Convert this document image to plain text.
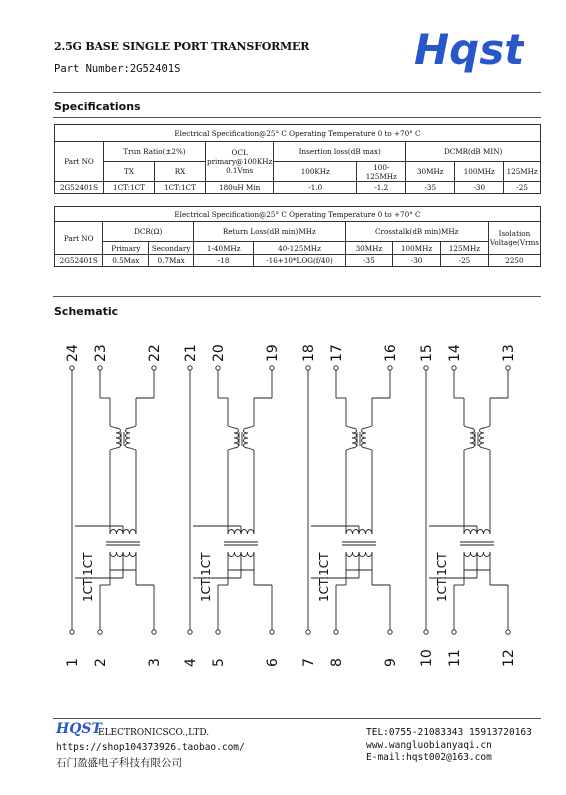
2.5G BASE SINGLE PORT TRANSFORMER
Part Number:2G52401S	Hqst
Specifications
Electrical Specification@25° C Operating Temperature 0 to +70° C								
Part NO	Trun Ratio(±2%)		OCL primary@100KHz 0.1Vms	Insertion loss(dB max)		DCMR(dB MIN)		
	TX	RX		100KHz	100-125MHz	30MHz	100MHz	125MHz
2G52401S	1CT:1CT	1CT:1CT	180uH Min	-1.0	-1.2	-35	-30	-25
Electrical Specification@25° C Operating Temperature 0 to +70° C								
Part NO	DCR(Ω)		Return Loss(dB min)MHz		Crosstalk(dB min)MHz			Isolation Voltage(Vrms
	Primary	Secondary	1-40MHz	40-125MHz	30MHz	100MHz	125MHz	
2G52401S	0.5Max	0.7Max	-18	-16+10*LOG(f/40)	-35	-30	-25	2250
Schematic
24 23	22
1 2	3
1CT:1CT
21 20	19
4 5	6
1CT:1CT
18 17	16
7 8	9
1CT:1CT
15 14	13
10 11	12
1CT:1CT
HQST
ELECTRONICSCO.,LTD.
https://shop104373926.taobao.com/
石门盈盛电子科技有限公司
TEL:0755-21083343 15913720163
www.wangluobianyaqi.cn
E-mail:hqst002@163.com
